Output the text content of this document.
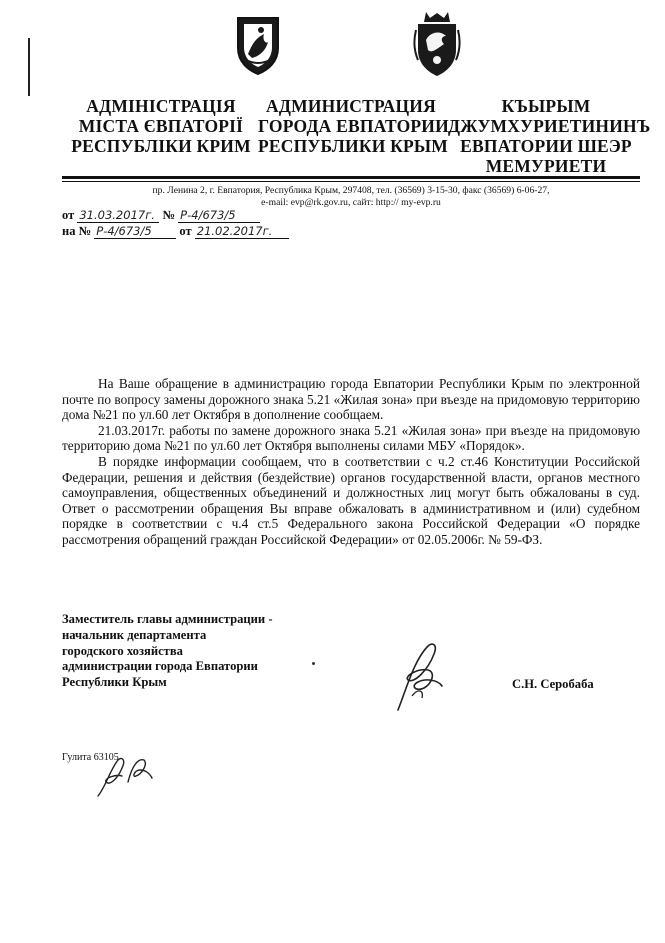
АДМІНІСТРАЦІЯ
МІСТА ЄВПАТОРІЇ
РЕСПУБЛІКИ КРИМ
АДМИНИСТРАЦИЯ
ГОРОДА ЕВПАТОРИИ
РЕСПУБЛИКИ КРЫМ
КЪЫРЫМ
ДЖУМХУРИЕТИНИНЪ
ЕВПАТОРИИ ШЕЭР
МЕМУРИЕТИ
пр. Ленина 2, г. Евпатория, Республика Крым, 297408, тел. (36569) 3-15-30, факс (36569) 6-06-27,
e-mail: evp@rk.gov.ru, сайт: http:// my-evp.ru
от 31.03.2017г. № Р-4/673/5
на № Р-4/673/5 от 21.02.2017г.

На Ваше обращение в администрацию города Евпатории Республики Крым по электронной почте по вопросу замены дорожного знака 5.21 «Жилая зона» при въезде на придомовую территорию дома №21 по ул.60 лет Октября в дополнение сообщаем.

21.03.2017г. работы по замене дорожного знака 5.21 «Жилая зона» при въезде на придомовую территорию дома №21 по ул.60 лет Октября выполнены силами МБУ «Порядок».

В порядке информации сообщаем, что в соответствии с ч.2 ст.46 Конституции Российской Федерации, решения и действия (бездействие) органов государственной власти, органов местного самоуправления, общественных объединений и должностных лиц могут быть обжалованы в суд. Ответ о рассмотрении обращения Вы вправе обжаловать в административном и (или) судебном порядке в соответствии с ч.4 ст.5 Федерального закона Российской Федерации «О порядке рассмотрения обращений граждан Российской Федерации» от 02.05.2006г. № 59-ФЗ.

Заместитель главы администрации -
начальник департамента
городского хозяйства
администрации города Евпатории
Республики Крым	С.Н. Серобаба
Гулита 63105
